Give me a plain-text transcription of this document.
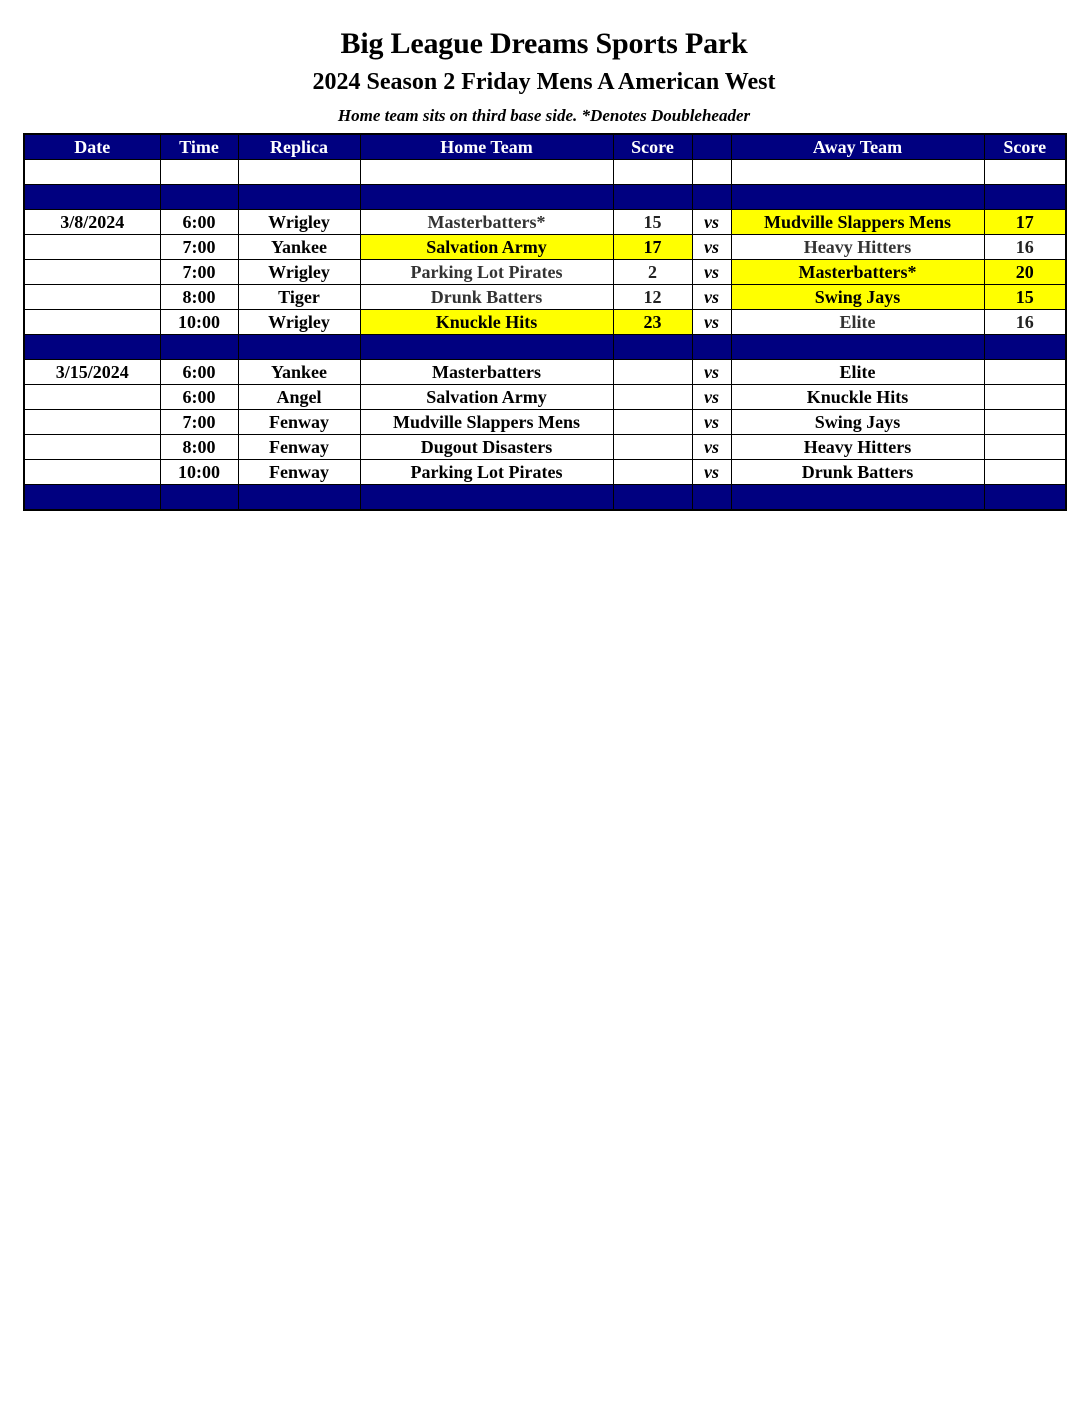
Big League Dreams Sports Park
2024 Season 2 Friday Mens A American West
Home team sits on third base side. *Denotes Doubleheader
Date	Time	Replica	Home Team	Score		Away Team	Score

3/8/2024	6:00	Wrigley	Masterbatters*	15	vs	Mudville Slappers Mens	17
	7:00	Yankee	Salvation Army	17	vs	Heavy Hitters	16
	7:00	Wrigley	Parking Lot Pirates	2	vs	Masterbatters*	20
	8:00	Tiger	Drunk Batters	12	vs	Swing Jays	15
	10:00	Wrigley	Knuckle Hits	23	vs	Elite	16

3/15/2024	6:00	Yankee	Masterbatters		vs	Elite	
	6:00	Angel	Salvation Army		vs	Knuckle Hits	
	7:00	Fenway	Mudville Slappers Mens		vs	Swing Jays	
	8:00	Fenway	Dugout Disasters		vs	Heavy Hitters	
	10:00	Fenway	Parking Lot Pirates		vs	Drunk Batters	
